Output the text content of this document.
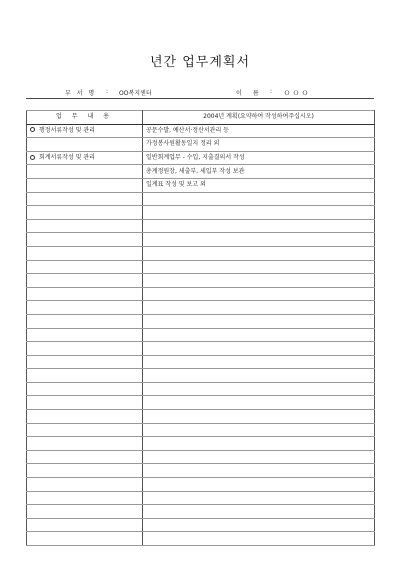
년간 업무계획서
부 서 명 : OO복지센터	이 름 : ＯＯＯ
업 무 내 용	2004년 계획(요약하여 작성하여주십시오)
행정서류작성 및 관리	공문수발, 예산서·정산서관리 등
	가정봉사원활동일지 정리 외
회계서류작성 및 관리	일반회계업무 - 수입, 지출결의서 작성
	총계정원장, 세출부, 세입부 작성 보관
	일계표 작성 및 보고 외
